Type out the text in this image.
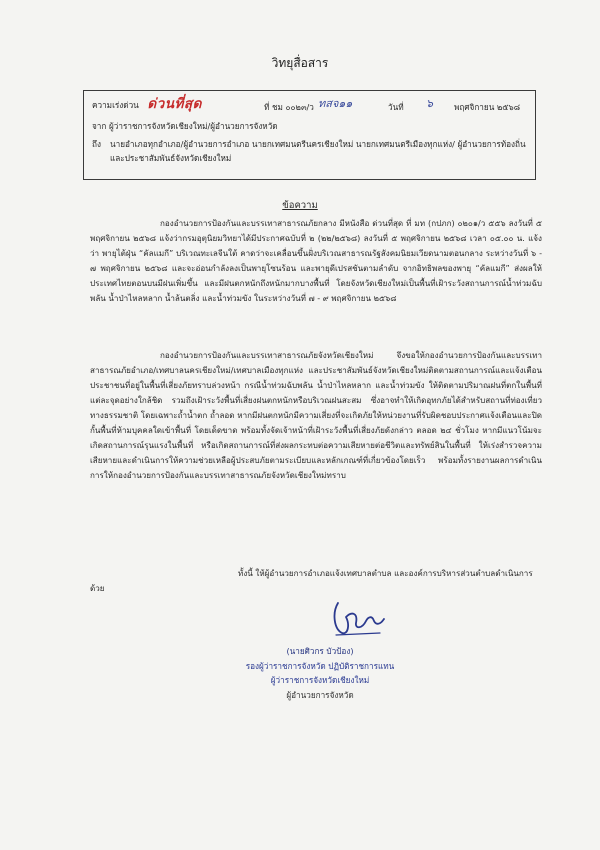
วิทยุสื่อสาร
ความเร่งด่วน ด่วนที่สุด	ที่ ชม ๐๐๒๓/ว ทสจ๑๑	วันที่ ๖	พฤศจิกายน ๒๕๖๘
จาก ผู้ว่าราชการจังหวัดเชียงใหม่/ผู้อำนวยการจังหวัด
ถึง	นายอำเภอทุกอำเภอ/ผู้อำนวยการอำเภอ นายกเทศมนตรีนครเชียงใหม่ นายกเทศมนตรีเมืองทุกแห่ง/ ผู้อำนวยการท้องถิ่น และประชาสัมพันธ์จังหวัดเชียงใหม่
ข้อความ
กองอำนวยการป้องกันและบรรเทาสาธารณภัยกลาง มีหนังสือ ด่วนที่สุด ที่ มท (กปภก) ๐๒๐๑/ว ๕๕๖ ลงวันที่ ๕ พฤศจิกายน ๒๕๖๘ แจ้งว่ากรมอุตุนิยมวิทยาได้มีประกาศฉบับที่ ๒ (๒๒/๒๕๖๘) ลงวันที่ ๕ พฤศจิกายน ๒๕๖๘ เวลา ๐๕.๐๐ น. แจ้งว่า พายุไต้ฝุ่น “คัลแมกี” บริเวณทะเลจีนใต้ คาดว่าจะเคลื่อนขึ้นฝั่งบริเวณสาธารณรัฐสังคมนิยมเวียดนามตอนกลาง ระหว่างวันที่ ๖ - ๗ พฤศจิกายน ๒๕๖๘ และจะอ่อนกำลังลงเป็นพายุโซนร้อน และพายุดีเปรสชันตามลำดับ จากอิทธิพลของพายุ “คัลแมกี” ส่งผลให้ประเทศไทยตอนบนมีฝนเพิ่มขึ้น และมีฝนตกหนักถึงหนักมากบางพื้นที่ โดยจังหวัดเชียงใหม่เป็นพื้นที่เฝ้าระวังสถานการณ์น้ำท่วมฉับพลัน น้ำป่าไหลหลาก น้ำล้นตลิ่ง และน้ำท่วมขัง ในระหว่างวันที่ ๗ - ๙ พฤศจิกายน ๒๕๖๘
กองอำนวยการป้องกันและบรรเทาสาธารณภัยจังหวัดเชียงใหม่ จึงขอให้กองอำนวยการป้องกันและบรรเทาสาธารณภัยอำเภอ/เทศบาลนครเชียงใหม่/เทศบาลเมืองทุกแห่ง และประชาสัมพันธ์จังหวัดเชียงใหม่ติดตามสถานการณ์และแจ้งเตือนประชาชนที่อยู่ในพื้นที่เสี่ยงภัยทราบล่วงหน้า กรณีน้ำท่วมฉับพลัน น้ำป่าไหลหลาก และน้ำท่วมขัง ให้ติดตามปริมาณฝนที่ตกในพื้นที่แต่ละจุดอย่างใกล้ชิด รวมถึงเฝ้าระวังพื้นที่เสี่ยงฝนตกหนักหรือบริเวณฝนสะสม ซึ่งอาจทำให้เกิดอุทกภัยได้สำหรับสถานที่ท่องเที่ยวทางธรรมชาติ โดยเฉพาะถ้ำน้ำตก ถ้ำลอด หากมีฝนตกหนักมีความเสี่ยงที่จะเกิดภัยให้หน่วยงานที่รับผิดชอบประกาศแจ้งเตือนและปิดกั้นพื้นที่ห้ามบุคคลใดเข้าพื้นที่ โดยเด็ดขาด พร้อมทั้งจัดเจ้าหน้าที่เฝ้าระวังพื้นที่เสี่ยงภัยดังกล่าว ตลอด ๒๔ ชั่วโมง หากมีแนวโน้มจะเกิดสถานการณ์รุนแรงในพื้นที่ หรือเกิดสถานการณ์ที่ส่งผลกระทบต่อความเสียหายต่อชีวิตและทรัพย์สินในพื้นที่ ให้เร่งสำรวจความเสียหายและดำเนินการให้ความช่วยเหลือผู้ประสบภัยตามระเบียบและหลักเกณฑ์ที่เกี่ยวข้องโดยเร็ว พร้อมทั้งรายงานผลการดำเนินการให้กองอำนวยการป้องกันและบรรเทาสาธารณภัยจังหวัดเชียงใหม่ทราบ
ทั้งนี้ ให้ผู้อำนวยการอำเภอแจ้งเทศบาลตำบล และองค์การบริหารส่วนตำบลดำเนินการด้วย
(นายศิวกร บัวป้อง)
รองผู้ว่าราชการจังหวัด ปฏิบัติราชการแทน
ผู้ว่าราชการจังหวัดเชียงใหม่
ผู้อำนวยการจังหวัด
